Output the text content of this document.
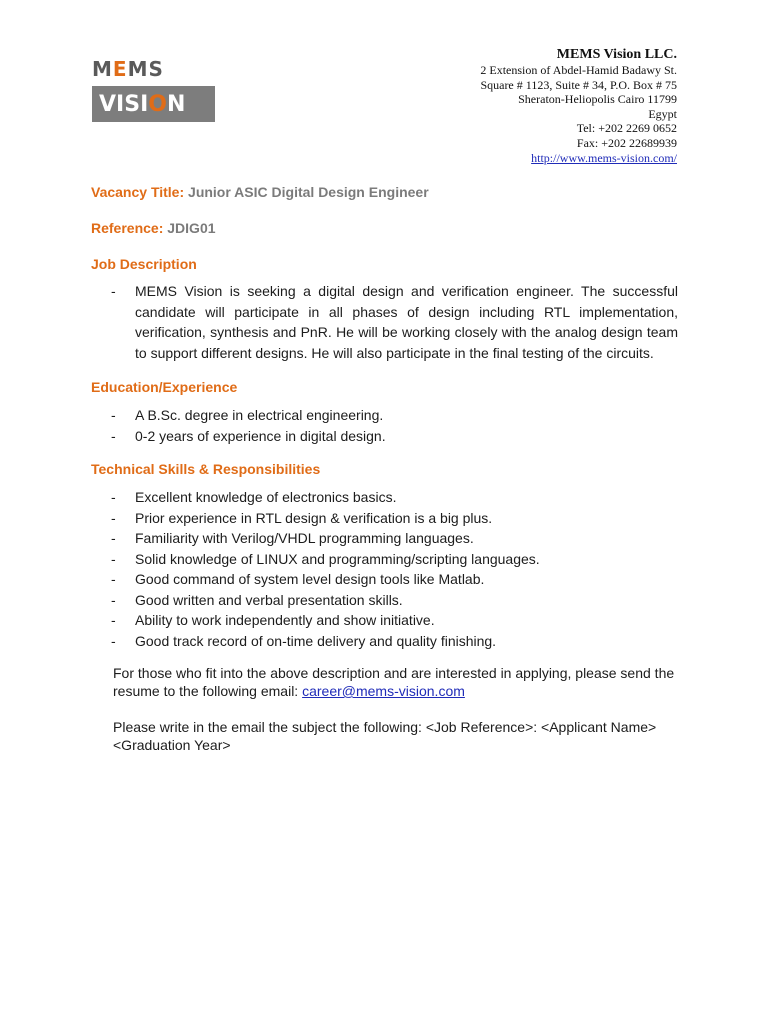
MEMS
VISION
MEMS Vision LLC.
2 Extension of Abdel-Hamid Badawy St.
Square # 1123, Suite # 34, P.O. Box # 75
Sheraton-Heliopolis Cairo 11799
Egypt
Tel: +202 2269 0652
Fax: +202 22689939
http://www.mems-vision.com/

Vacancy Title: Junior ASIC Digital Design Engineer

Reference: JDIG01

Job Description

- MEMS Vision is seeking a digital design and verification engineer. The successful candidate will participate in all phases of design including RTL implementation, verification, synthesis and PnR. He will be working closely with the analog design team to support different designs. He will also participate in the final testing of the circuits.

Education/Experience

- A B.Sc. degree in electrical engineering.
- 0-2 years of experience in digital design.

Technical Skills & Responsibilities

- Excellent knowledge of electronics basics.
- Prior experience in RTL design & verification is a big plus.
- Familiarity with Verilog/VHDL programming languages.
- Solid knowledge of LINUX and programming/scripting languages.
- Good command of system level design tools like Matlab.
- Good written and verbal presentation skills.
- Ability to work independently and show initiative.
- Good track record of on-time delivery and quality finishing.

For those who fit into the above description and are interested in applying, please send the resume to the following email: career@mems-vision.com

Please write in the email the subject the following: <Job Reference>: <Applicant Name> <Graduation Year>
